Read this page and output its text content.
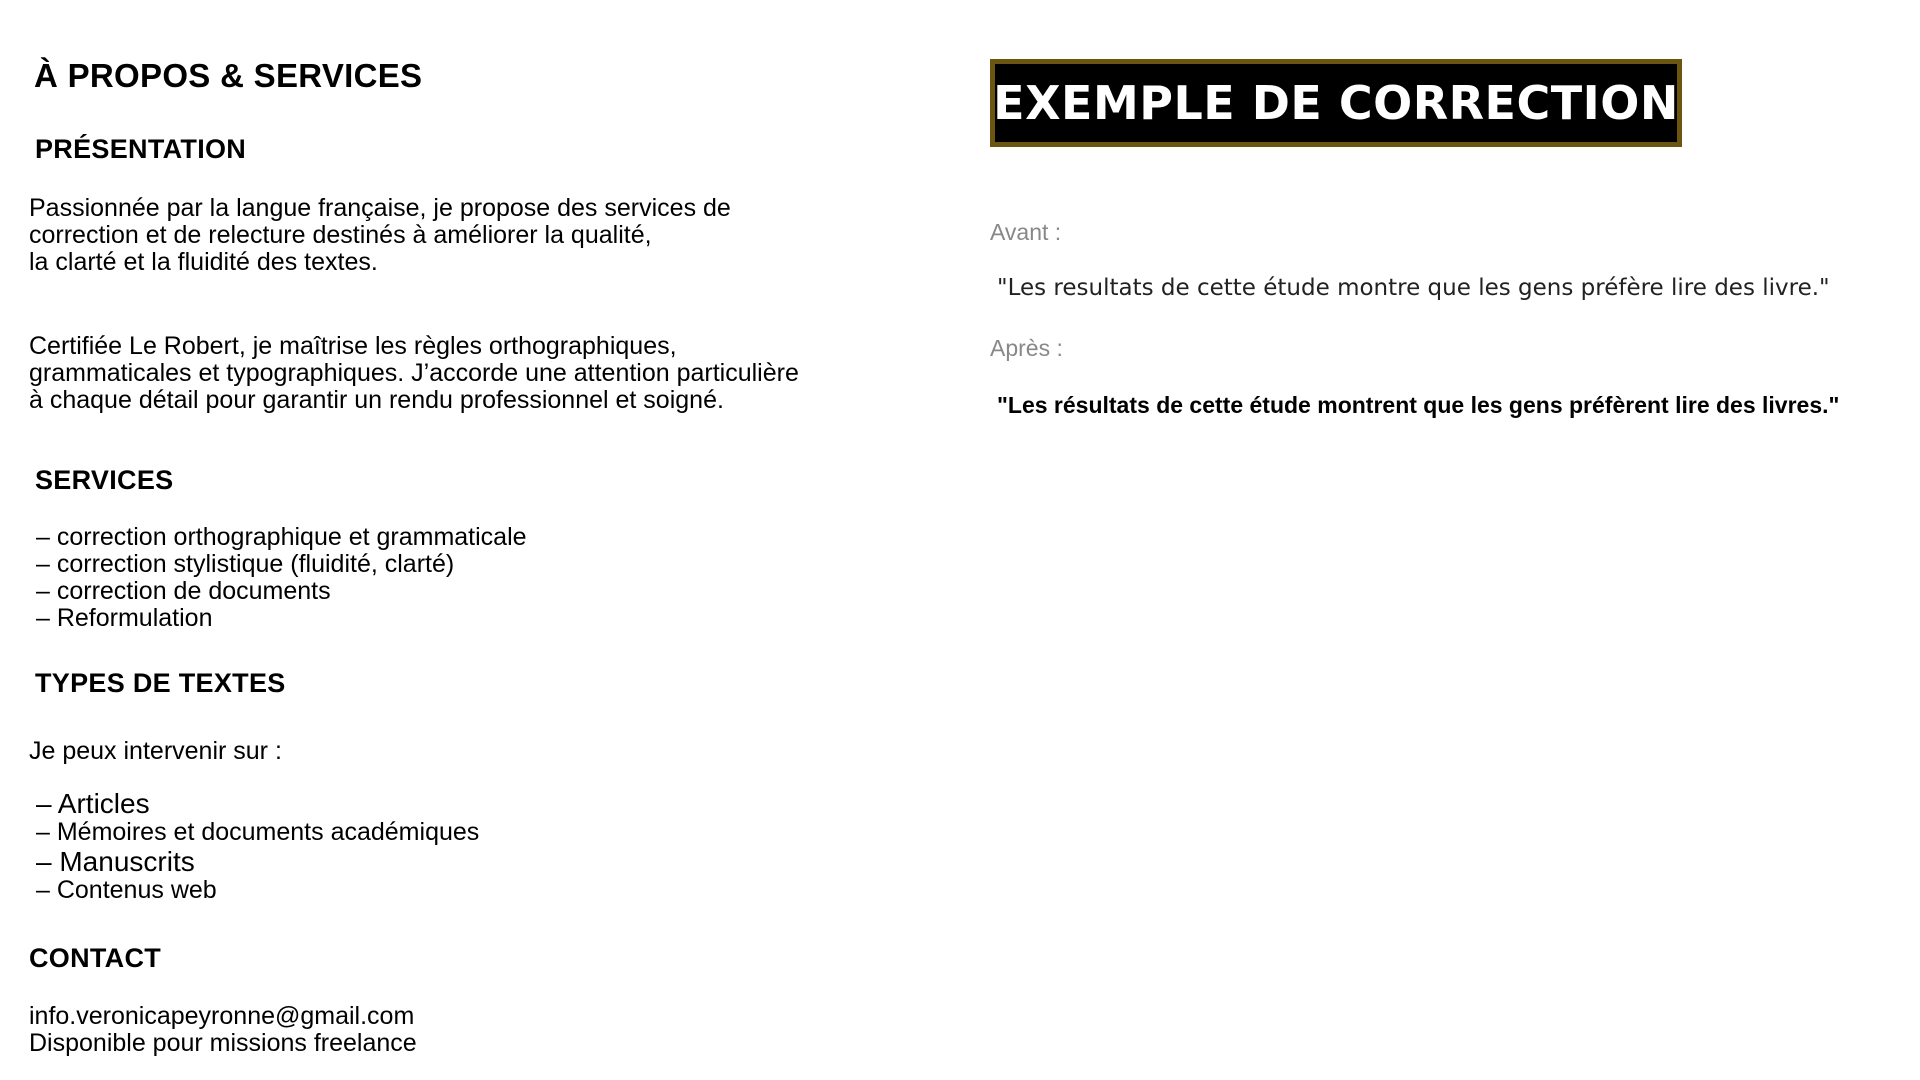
À PROPOS & SERVICES
PRÉSENTATION

Passionnée par la langue française, je propose des services de
correction et de relecture destinés à améliorer la qualité,
la clarté et la fluidité des textes.

Certifiée Le Robert, je maîtrise les règles orthographiques,
grammaticales et typographiques. J’accorde une attention particulière
à chaque détail pour garantir un rendu professionnel et soigné.

SERVICES
– correction orthographique et grammaticale
– correction stylistique (fluidité, clarté)
– correction de documents
– Reformulation
TYPES DE TEXTES

Je peux intervenir sur :

– Articles
– Mémoires et documents académiques
– Manuscrits
– Contenus web
CONTACT

info.veronicapeyronne@gmail.com
Disponible pour missions freelance

EXEMPLE DE CORRECTION

Avant :

"Les resultats de cette étude montre que les gens préfère lire des livre."

Après :

"Les résultats de cette étude montrent que les gens préfèrent lire des livres."
